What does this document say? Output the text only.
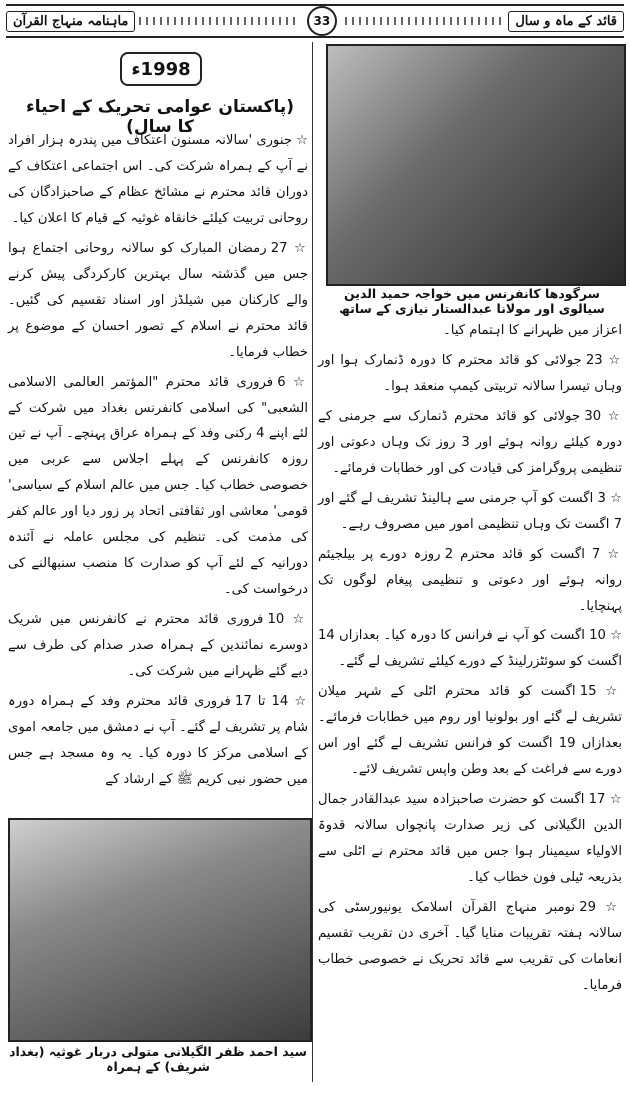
قائد کے ماہ و سال
33
ماہنامہ منہاج القرآن
سرگودھا کانفرنس میں خواجہ حمید الدین سیالوی اور مولانا عبدالستار نیازی کے ساتھ
1998ء
(پاکستان عوامی تحریک کے احیاء کا سال)

☆ جنوری 'سالانہ مسنون اعتکاف میں پندرہ ہزار افراد نے آپ کے ہمراہ شرکت کی۔ اس اجتماعی اعتکاف کے دوران قائد محترم نے مشائخ عظام کے صاحبزادگان کی روحانی تربیت کیلئے خانقاہ غوثیہ کے قیام کا اعلان کیا۔

☆ 27 رمضان المبارک کو سالانہ روحانی اجتماع ہوا جس میں گذشتہ سال بہترین کارکردگی پیش کرنے والے کارکنان میں شیلڈز اور اسناد تقسیم کی گئیں۔ قائد محترم نے اسلام کے تصور احسان کے موضوع پر خطاب فرمایا۔

☆ 6 فروری قائد محترم "المؤتمر العالمی الاسلامی الشعبی" کی اسلامی کانفرنس بغداد میں شرکت کے لئے اپنے 4 رکنی وفد کے ہمراہ عراق پہنچے۔ آپ نے تین روزہ کانفرنس کے پہلے اجلاس سے عربی میں خصوصی خطاب کیا۔ جس میں عالم اسلام کے سیاسی' قومی' معاشی اور ثقافتی اتحاد پر زور دیا اور عالم کفر کی مذمت کی۔ تنظیم کی مجلس عاملہ نے آئندہ دورانیہ کے لئے آپ کو صدارت کا منصب سنبھالنے کی درخواست کی۔

☆ 10 فروری قائد محترم نے کانفرنس میں شریک دوسرے نمائندین کے ہمراہ صدر صدام کی طرف سے دیے گئے ظہرانے میں شرکت کی۔

☆ 14 تا 17 فروری قائد محترم وفد کے ہمراہ دورہ شام پر تشریف لے گئے۔ آپ نے دمشق میں جامعہ اموی کے اسلامی مرکز کا دورہ کیا۔ یہ وہ مسجد ہے جس میں حضور نبی کریم ﷺ کے ارشاد کے

اعزاز میں ظہرانے کا اہتمام کیا۔

☆ 23 جولائی کو قائد محترم کا دورہ ڈنمارک ہوا اور وہاں تیسرا سالانہ تربیتی کیمپ منعقد ہوا۔

☆ 30 جولائی کو قائد محترم ڈنمارک سے جرمنی کے دورہ کیلئے روانہ ہوئے اور 3 روز تک وہاں دعوتی اور تنظیمی پروگرامز کی قیادت کی اور خطابات فرمائے۔

☆ 3 اگست کو آپ جرمنی سے ہالینڈ تشریف لے گئے اور 7 اگست تک وہاں تنظیمی امور میں مصروف رہے۔

☆ 7 اگست کو قائد محترم 2 روزہ دورے پر بیلجیئم روانہ ہوئے اور دعوتی و تنظیمی پیغام لوگوں تک پہنچایا۔

☆ 10 اگست کو آپ نے فرانس کا دورہ کیا۔ بعدازاں 14 اگست کو سوئٹزرلینڈ کے دورے کیلئے تشریف لے گئے۔

☆ 15 اگست کو قائد محترم اٹلی کے شہر میلان تشریف لے گئے اور بولونیا اور روم میں خطابات فرمائے۔ بعدازاں 19 اگست کو فرانس تشریف لے گئے اور اس دورے سے فراغت کے بعد وطن واپس تشریف لائے۔

☆ 17 اگست کو حضرت صاحبزادہ سید عبدالقادر جمال الدین الگیلانی کی زیر صدارت پانچواں سالانہ قدوۃ الاولیاء سیمینار ہوا جس میں قائد محترم نے اٹلی سے بذریعہ ٹیلی فون خطاب کیا۔

☆ 29 نومبر منہاج القرآن اسلامک یونیورسٹی کی سالانہ ہفتہ تقریبات منایا گیا۔ آخری دن تقریب تقسیم انعامات کی تقریب سے قائد تحریک نے خصوصی خطاب فرمایا۔

سید احمد ظفر الگیلانی متولی دربار غوثیہ (بغداد شریف) کے ہمراہ
